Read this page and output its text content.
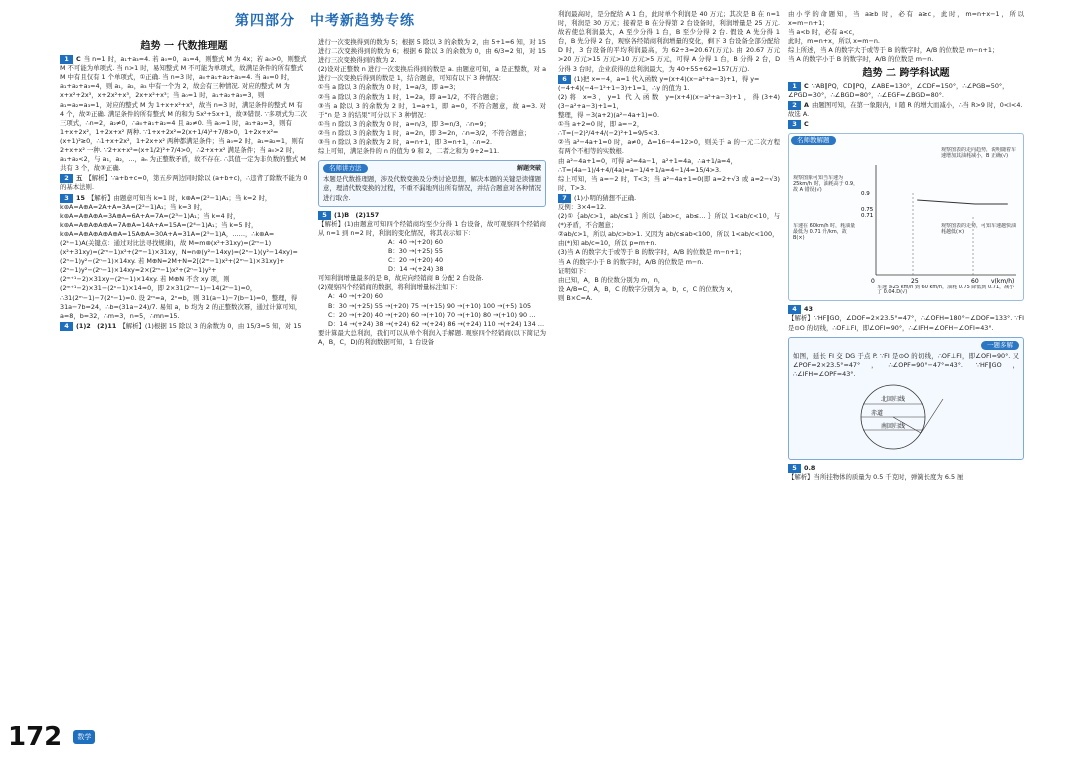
第四部分　中考新趋势专练
趋势 一 代数推理题
1 C 当 n=1 时，a₁+a₃=4. 若 a₀=0，a₁=4，则整式 M 为 4x；若 a₀>0，则整式 M 不可能为单项式. 当 n>1 时，易知整式 M 不可能为单项式，故满足条件的所有整式 M 中有且仅有 1 个单项式，①正确. 当 n=3 时，a₀+a₁+a₂+a₃=4. 当 a₀=0 时，a₁+a₂+a₃=4，则 a₁，a₂，a₃ 中有一个为 2，故会有三种情况. 对应的整式 M 为 x+x²+2x³，x+2x²+x³，2x+x²+x³；当 a₀=1 时，a₁+a₂+a₃=3，则 a₁=a₂=a₃=1，对应的整式 M 为 1+x+x²+x³，故当 n=3 时，满足条件的整式 M 有 4 个，故②正确. 满足条件的所有整式 M 的和为 5x²+5x+1，故③错误. ∵多项式为二次三项式，∴n=2，a₂≠0，∴a₀+a₁+a₂=4 且 a₂≠0. 当 a₀=1 时，a₁+a₂=3，则有 1+x+2x²，1+2x+x² 两种. ∵1+x+2x²=2(x+1/4)²+7/8>0，1+2x+x²=(x+1)²≥0，∴1+x+2x²，1+2x+x² 两种都满足条件；当 a₀=2 时，a₁=a₂=1，则有 2+x+x² 一种. ∵2+x+x²=(x+1/2)²+7/4>0，∴2+x+x² 满足条件；当 a₀>2 时，a₁+a₂<2，与 a₁，a₂，…，aₙ 为正整数矛盾，故不存在. ∴其值一定为非负数的整式 M 共有 3 个，故③正确.
2 五 【解析】∵a+b+c=0，第五步两边同时除以 (a+b+c)，∴违背了除数不能为 0 的基本法则.
3 15 【解析】由题意可知当 k=1 时，k⊛A=(2²−1)A₁；当 k=2 时，k⊛A=A⊕A=2A+A=3A=(2²−1)A₁；当 k=3 时，k⊛A=A⊕A⊕A=3A⊕A=6A+A=7A=(2³−1)A₁；当 k=4 时，k⊛A=A⊕A⊕A⊕A=7A⊕A=14A+A=15A=(2⁴−1)A₁；当 k=5 时，k⊛A=A⊕A⊕A⊕A⊕A=15A⊕A=30A+A=31A=(2⁵−1)A，……，∴k⊛A=(2ᵏ−1)A(关键点：通过对比法寻找规律)，故 M=m⊛(x²+31xy)=(2ᵐ−1)(x²+31xy)=(2ᵐ−1)x²+(2ᵐ−1)×31xy，N=n⊛(y²−14xy)=(2ⁿ−1)(y²−14xy)=(2ⁿ−1)y²−(2ⁿ−1)×14xy. 若 M⊕N=2M+N=2[(2ᵐ−1)x²+(2ᵐ−1)×31xy]+(2ⁿ−1)y²−(2ⁿ−1)×14xy=2×(2ᵐ−1)x²+(2ⁿ−1)y²+(2ᵐ⁺¹−2)×31xy−(2ⁿ−1)×14xy. 若 M⊕N 不含 xy 项，则(2ᵐ⁺¹−2)×31−(2ⁿ−1)×14=0，即 2×31(2ᵐ−1)−14(2ⁿ−1)=0，∴31(2ᵐ−1)−7(2ⁿ−1)=0. 设 2ᵐ=a，2ⁿ=b，则 31(a−1)−7(b−1)=0，整理，得 31a−7b=24，∴b=(31a−24)/7. 易知 a，b 均为 2 的正整数次幂，通过计算可知，a=8，b=32，∴m=3，n=5，∴mn=15.
4 (1)2　(2)11 【解析】(1)根据 15 除以 3 的余数为 0，由 15/3=5 知，对 15
进行一次变换得到的数为 5；根据 5 除以 3 的余数为 2，由 5+1=6 知，对 15 进行二次变换得到的数为 6；根据 6 除以 3 的余数为 0，由 6/3=2 知，对 15 进行三次变换得到的数为 2.
(2)设对正整数 n 进行一次变换后得到的数是 a. 由题意可知，a 是正整数，对 a 进行一次变换后得到的数是 1，结合题意，可知有以下 3 种情况：
①当 a 除以 3 的余数为 0 时，1=a/3，即 a=3；
②当 a 除以 3 的余数为 1 时，1=2a，即 a=1/2，不符合题意；
③当 a 除以 3 的余数为 2 时，1=a+1，即 a=0，不符合题意，故 a=3. 对于“n 是 3 的结果”可分以下 3 种情况：
①当 n 除以 3 的余数为 0 时，a=n/3，即 3=n/3，∴n=9；
②当 n 除以 3 的余数为 1 时，a=2n，即 3=2n，∴n=3/2，不符合题意；
③当 n 除以 3 的余数为 2 时，a=n+1，即 3=n+1，∴n=2.
综上可知，满足条件的 n 的值为 9 和 2，二者之和为 9+2=11.
名师讲方法	解题突破
本题是代数推理题，涉及代数变换及分类讨论思想，解决本题的关键是读懂题意，理清代数变换的过程，不重不漏地列出所有情况，并结合题意对各种情况进行取舍.
5 (1)B　(2)157
【解析】(1)由题意可知四个经销商均至少分得 1 台设备，故可观察四个经销商从 n=1 到 n=2 时，利润的变化情况，将其表示如下：
A：40 →(+20) 60
B：30 →(+25) 55
C：20 →(+20) 40
D：14 →(+24) 38
可知利润增量最多的是 B，故应向经销商 B 分配 2 台设备.
(2)观察四个经销商的数据，将利润增量标注如下：
A：40 →(+20) 60
B：30 →(+25) 55 →(+20) 75 →(+15) 90 →(+10) 100 →(+5) 105
C：20 →(+20) 40 →(+20) 60 →(+10) 70 →(+10) 80 →(+10) 90 …
D：14 →(+24) 38 →(+24) 62 →(+24) 86 →(+24) 110 →(+24) 134 …
要计算最大总利润，我们可以从单个利润入手解题. 观察四个经销商(以下简记为 A，B，C，D)的利润数据可知，1 台设备
利润最高时，是分配给 A 1 台，此时单个利润是 40 万元；其次是 B 在 n=1 时，利润是 30 万元；接着是 B 在分得第 2 台设备时，利润增量是 25 万元. 故若使总利润最大，A 至少分得 1 台，B 至少分得 2 台. 假设 A 先分得 1 台，B 先分得 2 台，观察各经销商利润增量的变化，剩下 3 台设备全部分配给 D 时，3 台设备的平均利润最高，为 62÷3≈20.67(万元). 由 20.67 万元>20 万元>15 万元>10 万元>5 万元，可得 A 分得 1 台，B 分得 2 台，D 分得 3 台时，企业获得的总利润最大，为 40+55+62=157(万元).
6 (1)把 x=−4，a=1 代入函数 y=(x+4)(x−a²+a−3)+1，得 y=(−4+4)(−4−1²+1−3)+1=1，∴y 的值为 1.
(2)将 x=3，y=1 代入函数 y=(x+4)(x−a²+a−3)+1，得(3+4)(3−a²+a−3)+1=1，
整理，得 −3(a+2)(a²−4a+1)=0.
①当 a+2=0 时，即 a=−2，
∴T=(−2)²/4+4/(−2)²+1=9/5<3.
②当 a²−4a+1=0 时，a≠0，Δ=16−4=12>0，则关于 a 的一元二次方程有两个不相等的实数根.
由 a²−4a+1=0，可得 a²=4a−1，a²+1=4a，∴a+1/a=4，
∴T=(4a−1)/4+4/(4a)=a−1/4+1/a=4−1/4=15/4>3.
综上可知，当 a=−2 时，T<3；当 a²−4a+1=0(即 a=2+√3 或 a=2−√3)时，T>3.
7 (1)小明的猜想不正确.
反例：3×4=12.
(2)①｛ab/c>1，ab/c≤1 ｝所以｛ab>c，ab≤… ｝所以 1<ab/c<10，与(*)矛盾，不合题意；
②ab/c>1，所以 ab/c>b>1. 又因为 ab/c≤ab<100，所以 1<ab/c<100，
由(*)知 ab/c=10，所以 p=m+n.
(3)当 A 的数字大于或等于 B 的数字时，A/B 的位数是 m−n+1；
当 A 的数字小于 B 的数字时，A/B 的位数是 m−n.
证明如下：
由已知，A，B 的位数分别为 m，n，
设 A/B=C，A，B，C 的数字分别为 a，b，c，C 的位数为 x，
则 B×C=A.
由小学的命题知，当 a≥b 时，必有 a≥c，此时，m=n+x−1，所以 x=m−n+1；
当 a<b 时，必有 a<c，
此时，m=n+x，所以 x=m−n.
综上所述，当 A 的数字大于或等于 B 的数字时，A/B 的位数是 m−n+1；
当 A 的数字小于 B 的数字时，A/B 的位数是 m−n.
趋势 二 跨学科试题
1 C ∵AB∥PQ，CD∥PQ，∠ABE=130°，∠CDF=150°，∴∠PGB=50°，∠PGD=30°，∴∠BGD=80°，∴∠EGF=∠BGD=80°.
2 A 由题图可知，在第一象限内，I 随 R 的增大而减小，∴当 R>9 时，0<I<4. 故选 A.
3 C
名师教解题
0	25	60 v(km/h)
0.9
0.75
0.71
观察图象可知当车速为 25km/h 时，油耗高于 0.9，故 A 错误(√)
观察图表的走向趋势，说明随着车速增加其油耗减小，B 正确(√)
车速在 60km/h 时，耗油量最低为 0.71 升/km，故 B(×)
观察图表的走势，可知车速越快油耗越低(×)
车速 ≥25 km/h 到 60 km/h，油耗 0.75 降低到 0.71，减小了 0.04.D(√)
4 43
【解析】∵HF∥GO，∠DOF=2×23.5°=47°，∴∠OFH=180°−∠DOF=133°. ∵FI 是⊙O 的切线，∴OF⊥FI，即∠OFI=90°，∴∠IFH=∠OFH−∠OFI=43°.
一题多解
如图，延长 FI 交 DG 于点 P. ∵FI 是⊙O 的切线，∴OF⊥FI，即∠OFI=90°. 又∠POF=2×23.5°=47°，∴∠OPF=90°−47°=43°. ∵HF∥GO，∴∠IFH=∠OPF=43°.
北回归线
赤道
南回归线
5 0.8
【解析】当所挂物体的质量为 0.5 千克时，弹簧长度为 6.5 厘
172 数学
